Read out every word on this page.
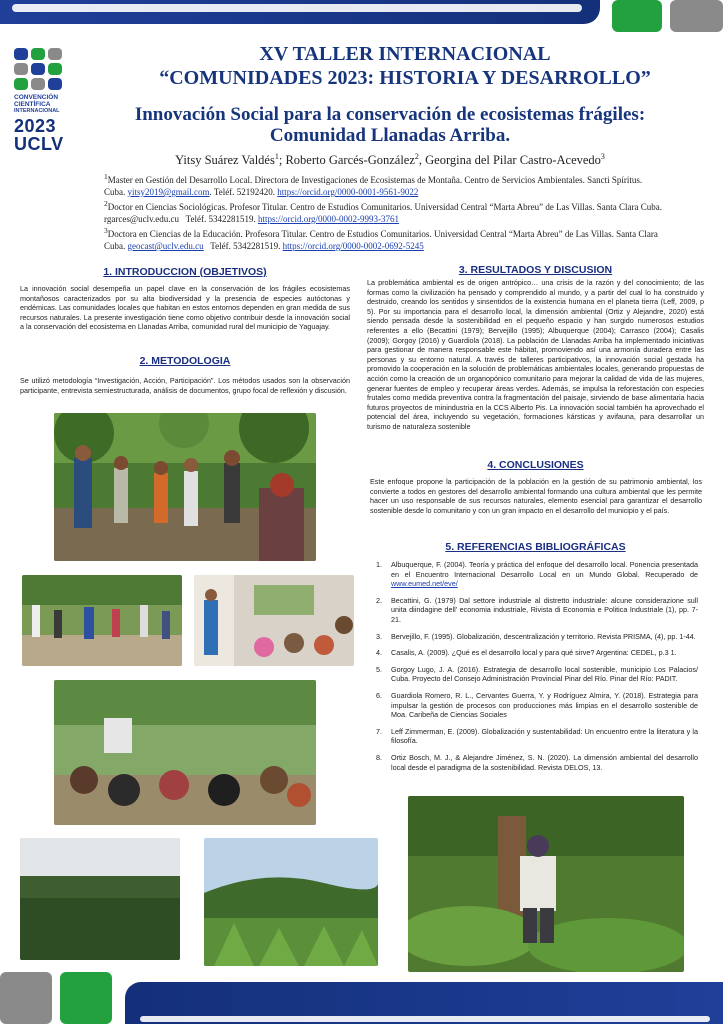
CONVENCIÓN
CIENTÍFICA
INTERNACIONAL
2023
UCLV
XV TALLER INTERNACIONAL
“COMUNIDADES 2023: HISTORIA Y DESARROLLO”
Innovación Social para la conservación de ecosistemas frágiles:
Comunidad Llanadas Arriba.
Yitsy Suárez Valdés$^1$; Roberto Garcés-González$^2$, Georgina del Pilar Castro-Acevedo$^3$
$^1$Master en Gestión del Desarrollo Local. Directora de Investigaciones de Ecosistemas de Montaña. Centro de Servicios Ambientales. Sancti Spíritus. Cuba. yitsy2019@gmail.com. Teléf. 52192420. https://orcid.org/0000-0001-9561-9022
$^2$Doctor en Ciencias Sociológicas. Profesor Titular. Centro de Estudios Comunitarios. Universidad Central “Marta Abreu” de Las Villas. Santa Clara Cuba. rgarces@uclv.edu.cu Teléf. 5342281519. https://orcid.org/0000-0002-9993-3761
$^3$Doctora en Ciencias de la Educación. Profesora Titular. Centro de Estudios Comunitarios. Universidad Central “Marta Abreu” de Las Villas. Santa Clara Cuba. geocast@uclv.edu.cu Teléf. 5342281519. https://orcid.org/0000-0002-0692-5245
1. INTRODUCCION (OBJETIVOS)
La innovación social desempeña un papel clave en la conservación de los frágiles ecosistemas montañosos caracterizados por su alta biodiversidad y la presencia de especies autóctonas y endémicas. Las comunidades locales que habitan en estos entornos dependen en gran medida de sus recursos naturales. La presente investigación tiene como objetivo contribuir desde la innovación social a la conservación del ecosistema en Llanadas Arriba, comunidad rural del municipio de Yaguajay.
2. METODOLOGIA
Se utilizó metodología “Investigación, Acción, Participación”. Los métodos usados son la observación participante, entrevista semiestructurada, análisis de documentos, grupo focal de reflexión y discusión.
3. RESULTADOS Y DISCUSION
La problemática ambiental es de origen antrópico… una crisis de la razón y del conocimiento; de las formas como la civilización ha pensado y comprendido al mundo, y a partir del cual lo ha construido y destruido, creando los sentidos y sinsentidos de la existencia humana en el planeta tierra (Leff, 2009, p 5). Por su importancia para el desarrollo local, la dimensión ambiental (Ortiz y Alejandre, 2020) está siendo pensada desde la sostenibilidad en el pequeño espacio y han surgido numerosos estudios referentes a ello (Becattini (1979); Bervejillo (1995); Albuquerque (2004); Carrasco (2004); Casalis (2009); Gorgoy (2016) y Guardiola (2018). La población de Llanadas Arriba ha implementado iniciativas para gestionar de manera responsable este hábitat, promoviendo así una armonía duradera entre las personas y su entorno natural. A través de talleres participativos, la innovación social gestada ha promovido la cooperación en la solución de problemáticas ambientales locales, generando propuestas de acción como la creación de un organopónico comunitario para mejorar la calidad de vida de las mujeres, generar fuentes de empleo y recuperar áreas verdes. Además, se impulsa la reforestación con especies frutales como medida preventiva contra la fragmentación del paisaje, sirviendo de base alimentaria hacia futuros proyectos de minindustria en la CCS Alberto Pis. La innovación social también ha aprovechado el potencial del área, incluyendo su vegetación, formaciones kársticas y avifauna, para desarrollar un turismo de naturaleza sostenible
4. CONCLUSIONES
Este enfoque propone la participación de la población en la gestión de su patrimonio ambiental, los convierte a todos en gestores del desarrollo ambiental formando una cultura ambiental que les permite hacer un uso responsable de sus recursos naturales, elemento esencial para garantizar el desarrollo sostenible desde lo comunitario y con un gran impacto en el desarrollo del municipio y el país.
5. REFERENCIAS BIBLIOGRÁFICAS
1.	Albuquerque, F. (2004). Teoría y práctica del enfoque del desarrollo local. Ponencia presentada en el Encuentro Internacional Desarrollo Local en un Mundo Global. Recuperado de www.eumed.net/eve/
2.	Becattini, G. (1979) Dal settore industriale al distretto industriale: alcune considerazione sull unita diindagine dell’ economia industriale, Rivista di Economia e Politica Industriale (1), pp. 7-21.
3.	Bervejillo, F. (1995). Globalización, descentralización y territorio. Revista PRISMA, (4), pp. 1-44.
4.	Casalis, A. (2009). ¿Qué es el desarrollo local y para qué sirve? Argentina: CEDEL, p.3 1.
5.	Gorgoy Lugo, J. A. (2016). Estrategia de desarrollo local sostenible, municipio Los Palacios/ Cuba. Proyecto del Consejo Administración Provincial Pinar del Río. Pinar del Río: PADIT.
6.	Guardiola Romero, R. L., Cervantes Guerra, Y. y Rodríguez Almira, Y. (2018). Estrategia para impulsar la gestión de procesos con producciones más limpias en el desarrollo sostenible de Moa. Caribeña de Ciencias Sociales
7.	Leff Zimmerman, E. (2009). Globalización y sustentabilidad: Un encuentro entre la literatura y la filosofía.
8.	Ortiz Bosch, M. J., & Alejandre Jiménez, S. N. (2020). La dimensión ambiental del desarrollo local desde el paradigma de la sostenibilidad. Revista DELOS, 13.
